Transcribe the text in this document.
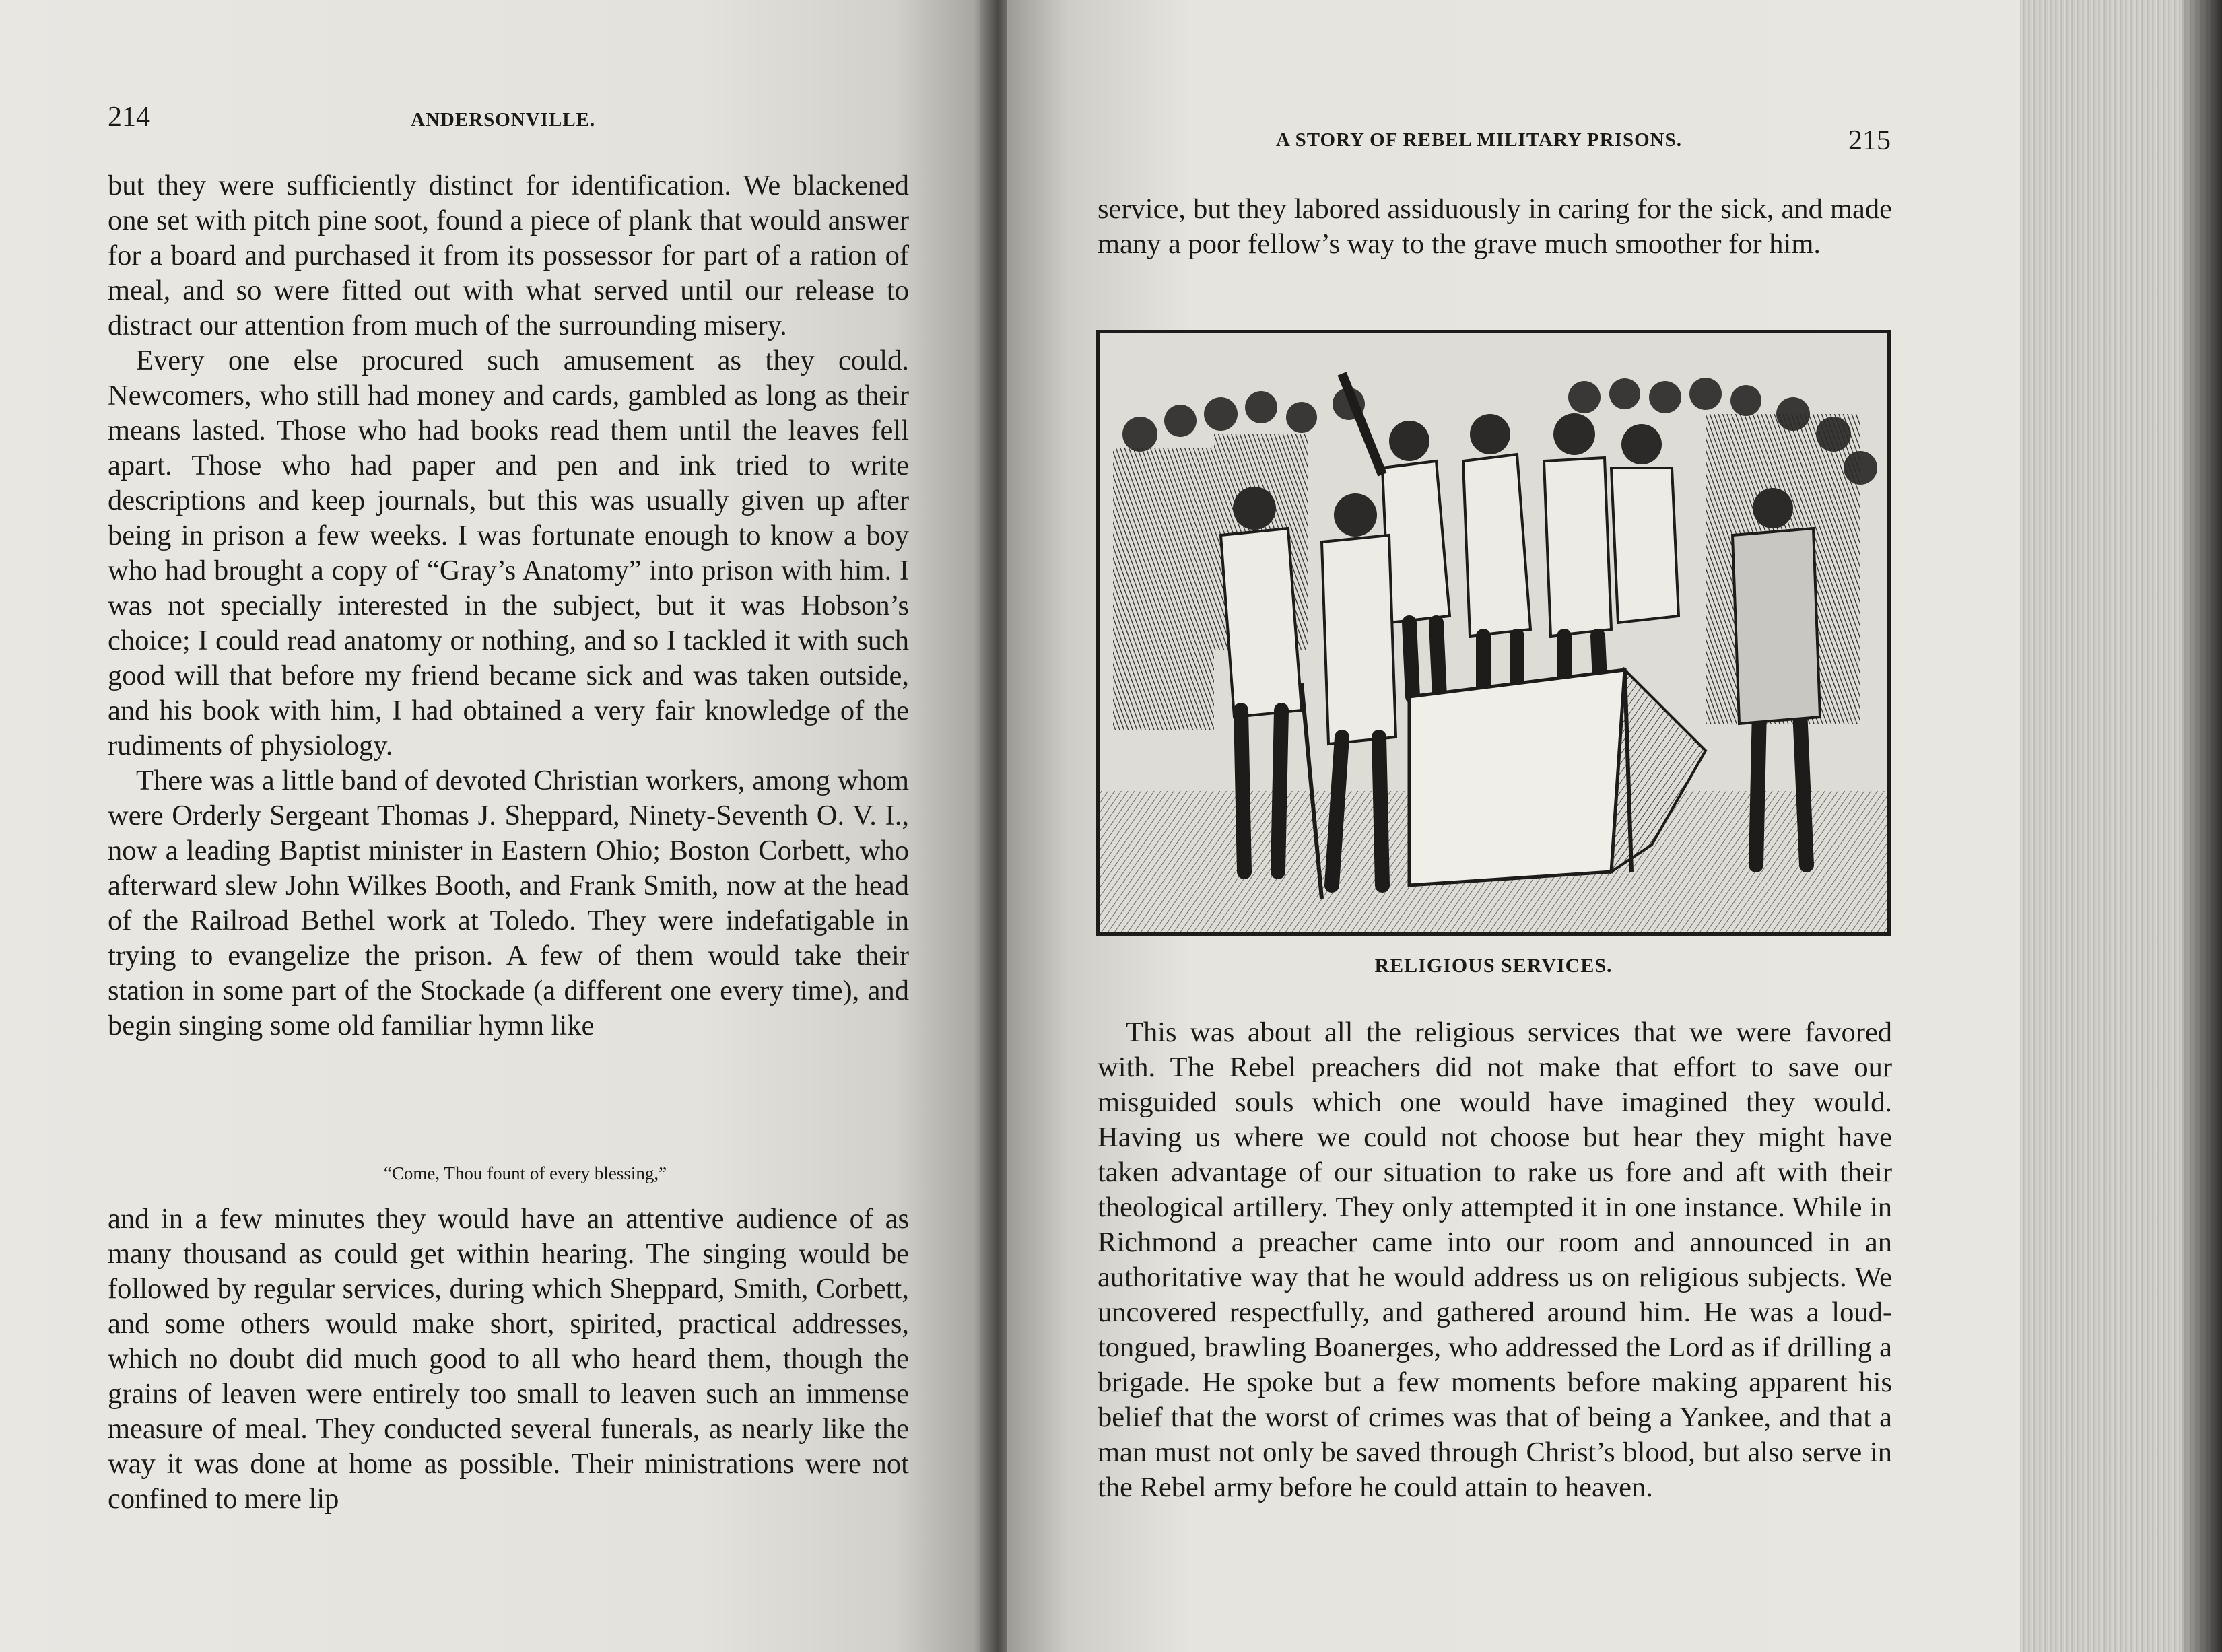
214	ANDERSONVILLE.

but they were sufficiently distinct for identification. We blackened one set with pitch pine soot, found a piece of plank that would answer for a board and purchased it from its possessor for part of a ration of meal, and so were fitted out with what served until our release to distract our attention from much of the surrounding misery.

Every one else procured such amusement as they could. Newcomers, who still had money and cards, gambled as long as their means lasted. Those who had books read them until the leaves fell apart. Those who had paper and pen and ink tried to write descriptions and keep journals, but this was usually given up after being in prison a few weeks. I was fortunate enough to know a boy who had brought a copy of “Gray’s Anatomy” into prison with him. I was not specially interested in the subject, but it was Hobson’s choice; I could read anatomy or nothing, and so I tackled it with such good will that before my friend became sick and was taken outside, and his book with him, I had obtained a very fair knowledge of the rudiments of physiology.

There was a little band of devoted Christian workers, among whom were Orderly Sergeant Thomas J. Sheppard, Ninety-Seventh O. V. I., now a leading Baptist minister in Eastern Ohio; Boston Corbett, who afterward slew John Wilkes Booth, and Frank Smith, now at the head of the Railroad Bethel work at Toledo. They were indefatigable in trying to evangelize the prison. A few of them would take their station in some part of the Stockade (a different one every time), and begin singing some old familiar hymn like

“Come, Thou fount of every blessing,”

and in a few minutes they would have an attentive audience of as many thousand as could get within hearing. The singing would be followed by regular services, during which Sheppard, Smith, Corbett, and some others would make short, spirited, practical addresses, which no doubt did much good to all who heard them, though the grains of leaven were entirely too small to leaven such an immense measure of meal. They conducted several funerals, as nearly like the way it was done at home as possible. Their ministrations were not confined to mere lip

A STORY OF REBEL MILITARY PRISONS.	215

service, but they labored assiduously in caring for the sick, and made many a poor fellow’s way to the grave much smoother for him.

RELIGIOUS SERVICES.

This was about all the religious services that we were favored with. The Rebel preachers did not make that effort to save our misguided souls which one would have imagined they would. Having us where we could not choose but hear they might have taken advantage of our situation to rake us fore and aft with their theological artillery. They only attempted it in one instance. While in Richmond a preacher came into our room and announced in an authoritative way that he would address us on religious subjects. We uncovered respectfully, and gathered around him. He was a loud-tongued, brawling Boanerges, who addressed the Lord as if drilling a brigade. He spoke but a few moments before making apparent his belief that the worst of crimes was that of being a Yankee, and that a man must not only be saved through Christ’s blood, but also serve in the Rebel army before he could attain to heaven.
